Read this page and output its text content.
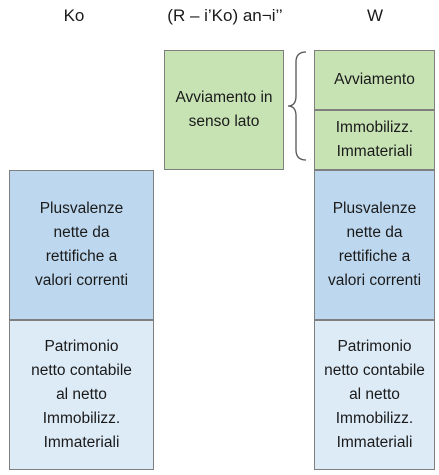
Ko	(R – i’Ko) an¬i’’	W
Avviamento in
senso lato
Plusvalenze
nette da
rettifiche a
valori correnti
Patrimonio
netto contabile
al netto
Immobilizz.
Immateriali
Avviamento
Immobilizz.
Immateriali
Plusvalenze
nette da
rettifiche a
valori correnti
Patrimonio
netto contabile
al netto
Immobilizz.
Immateriali
